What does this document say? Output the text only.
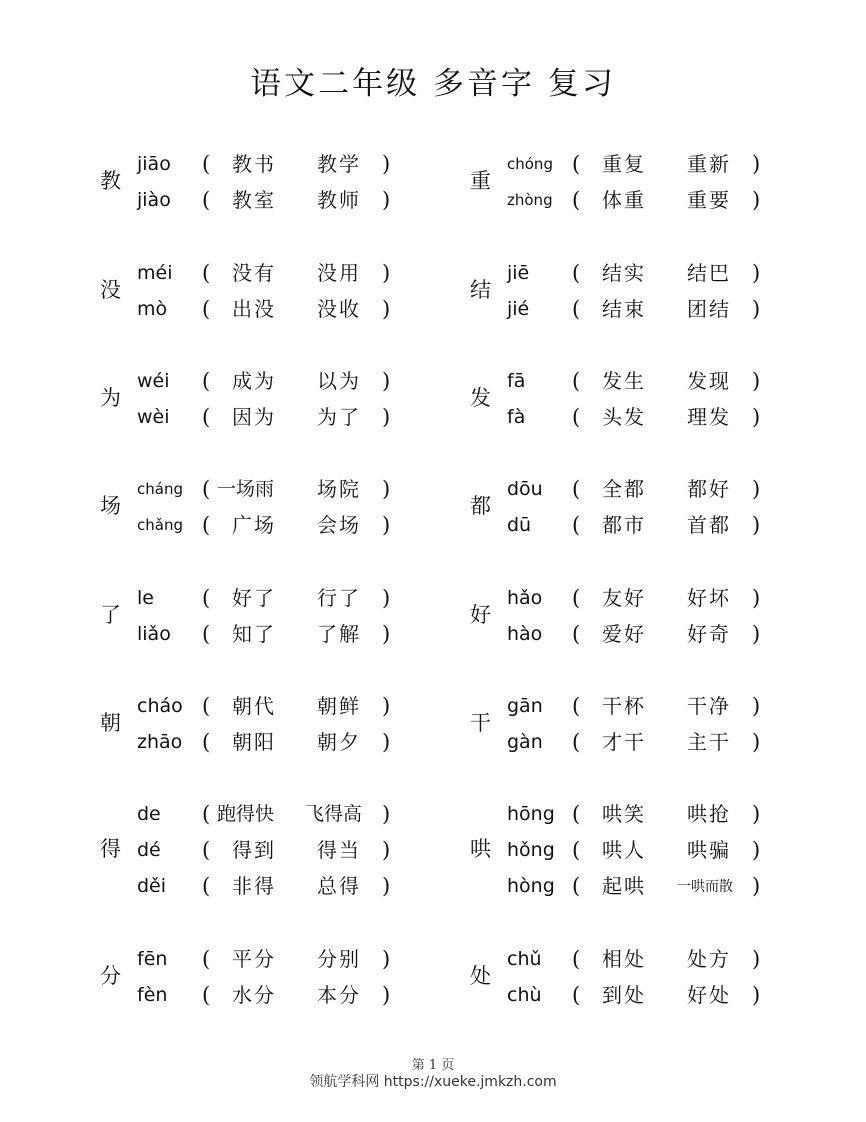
语文二年级 多音字 复习
教
jiāo ( 教书 教学 )
jiào ( 教室 教师 )
没
méi ( 没有 没用 )
mò ( 出没 没收 )
为
wéi ( 成为 以为 )
wèi ( 因为 为了 )
场
cháng ( 一场雨 场院 )
chǎng ( 广场 会场 )
了
le ( 好了 行了 )
liǎo ( 知了 了解 )
朝
cháo ( 朝代 朝鲜 )
zhāo ( 朝阳 朝夕 )
得
de ( 跑得快 飞得高 )
dé ( 得到 得当 )
děi ( 非得 总得 )
分
fēn ( 平分 分别 )
fèn ( 水分 本分 )
重
chóng ( 重复 重新 )
zhòng ( 体重 重要 )
结
jiē ( 结实 结巴 )
jié ( 结束 团结 )
发
fā ( 发生 发现 )
fà ( 头发 理发 )
都
dōu ( 全都 都好 )
dū ( 都市 首都 )
好
hǎo ( 友好 好坏 )
hào ( 爱好 好奇 )
干
gān ( 干杯 干净 )
gàn ( 才干 主干 )
哄
hōng ( 哄笑 哄抢 )
hǒng ( 哄人 哄骗 )
hòng ( 起哄 一哄而散 )
处
chǔ ( 相处 处方 )
chù ( 到处 好处 )
第 1 页
领航学科网 https://xueke.jmkzh.com
